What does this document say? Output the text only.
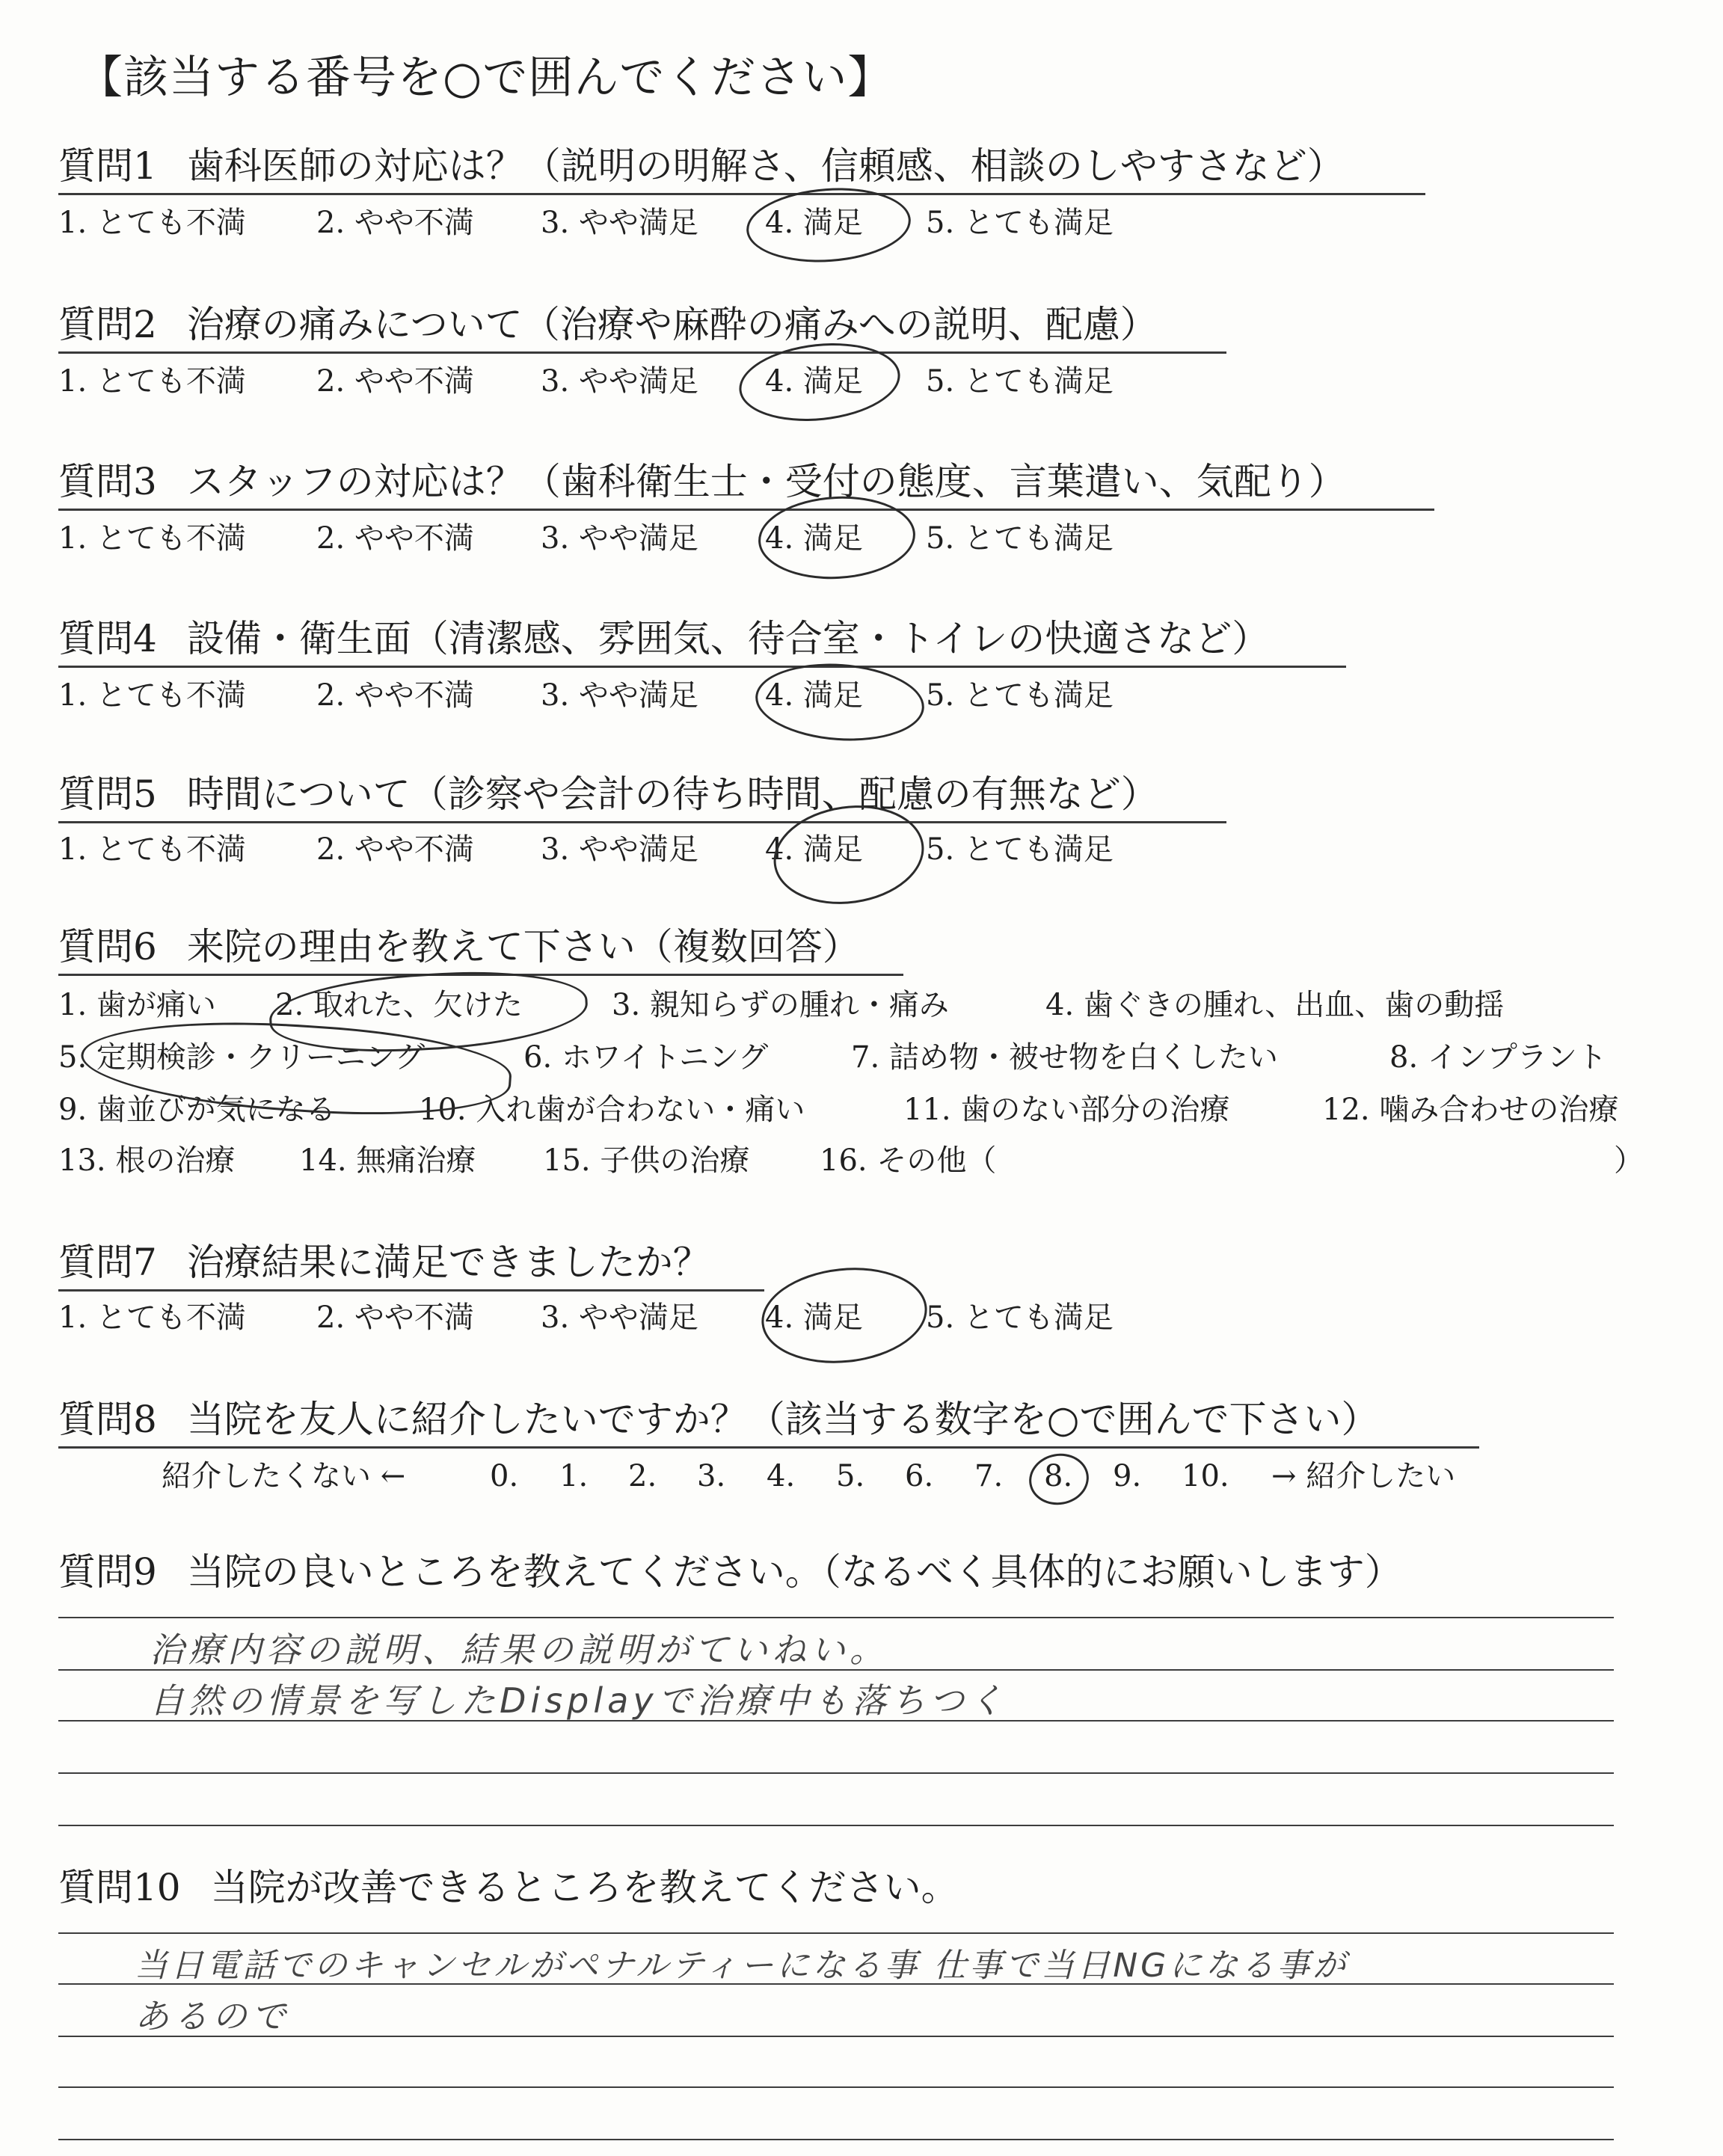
【該当する番号を○で囲んでください】
質問1 歯科医師の対応は？（説明の明解さ、信頼感、相談のしやすさなど）
1. とても不満 2. やや不満 3. やや満足 4. 満足 5. とても満足
質問2 治療の痛みについて（治療や麻酔の痛みへの説明、配慮）
1. とても不満 2. やや不満 3. やや満足 4. 満足 5. とても満足
質問3 スタッフの対応は？（歯科衛生士・受付の態度、言葉遣い、気配り）
1. とても不満 2. やや不満 3. やや満足 4. 満足 5. とても満足
質問4 設備・衛生面（清潔感、雰囲気、待合室・トイレの快適さなど）
1. とても不満 2. やや不満 3. やや満足 4. 満足 5. とても満足
質問5 時間について（診察や会計の待ち時間、配慮の有無など）
1. とても不満 2. やや不満 3. やや満足 4. 満足 5. とても満足
質問6 来院の理由を教えて下さい（複数回答）
1. 歯が痛い 2. 取れた、欠けた	3. 親知らずの腫れ・痛み	4. 歯ぐきの腫れ、出血、歯の動揺
5. 定期検診・クリーニング	6. ホワイトニング	7. 詰め物・被せ物を白くしたい	8. インプラント
9. 歯並びが気になる	10. 入れ歯が合わない・痛い	11. 歯のない部分の治療	12. 噛み合わせの治療
13. 根の治療 14. 無痛治療 15. 子供の治療 16. その他（	）
質問7 治療結果に満足できましたか？
1. とても不満 2. やや不満 3. やや満足 4. 満足 5. とても満足
質問8 当院を友人に紹介したいですか？（該当する数字を○で囲んで下さい）
紹介したくない ←	0. 1. 2. 3. 4. 5. 6. 7. 8. 9. 10. → 紹介したい
質問9 当院の良いところを教えてください。（なるべく具体的にお願いします）
治療内容の説明、結果の説明がていねい。
自然の情景を写したDisplayで治療中も落ちつく
質問10 当院が改善できるところを教えてください。
当日電話でのキャンセルがペナルティーになる事 仕事で当日NGになる事が
あるので
